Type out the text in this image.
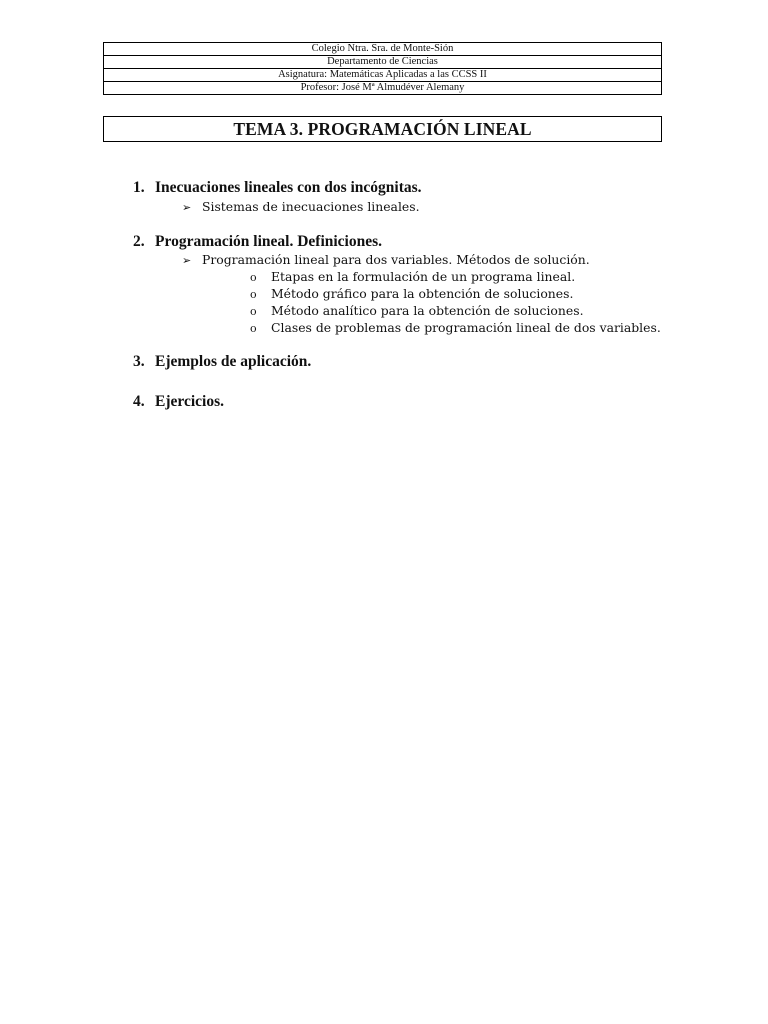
Colegio Ntra. Sra. de Monte-Sión
Departamento de Ciencias
Asignatura: Matemáticas Aplicadas a las CCSS II
Profesor: José Mª Almudéver Alemany
TEMA 3. PROGRAMACIÓN LINEAL
1. Inecuaciones lineales con dos incógnitas.
➢ Sistemas de inecuaciones lineales.
2. Programación lineal. Definiciones.
➢ Programación lineal para dos variables. Métodos de solución.
o Etapas en la formulación de un programa lineal.
o Método gráfico para la obtención de soluciones.
o Método analítico para la obtención de soluciones.
o Clases de problemas de programación lineal de dos variables.
3. Ejemplos de aplicación.
4. Ejercicios.
